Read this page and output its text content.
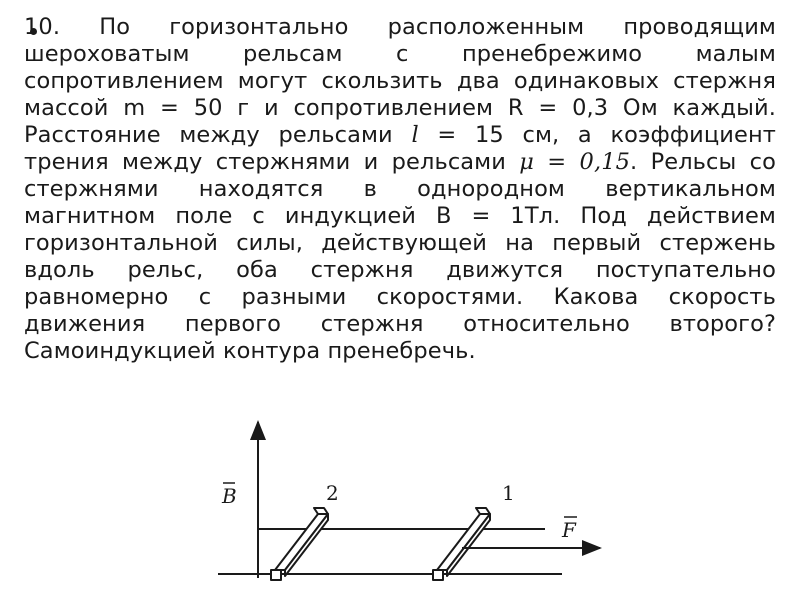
10. По горизонтально расположенным проводящим шероховатым рельсам с пренебрежимо малым сопротивлением могут скользить два одинаковых стержня массой m = 50 г и сопротивлением R = 0,3 Ом каждый. Расстояние между рельсами l = 15 см, а коэффициент трения между стержнями и рельсами μ = 0,15. Рельсы со стержнями находятся в однородном вертикальном магнитном поле с индукцией B = 1Тл. Под действием горизонтальной силы, действующей на первый стержень вдоль рельс, оба стержня движутся поступательно равномерно с разными скоростями. Какова скорость движения первого стержня относительно второго? Самоиндукцией контура пренебречь.

B	2	1
F
